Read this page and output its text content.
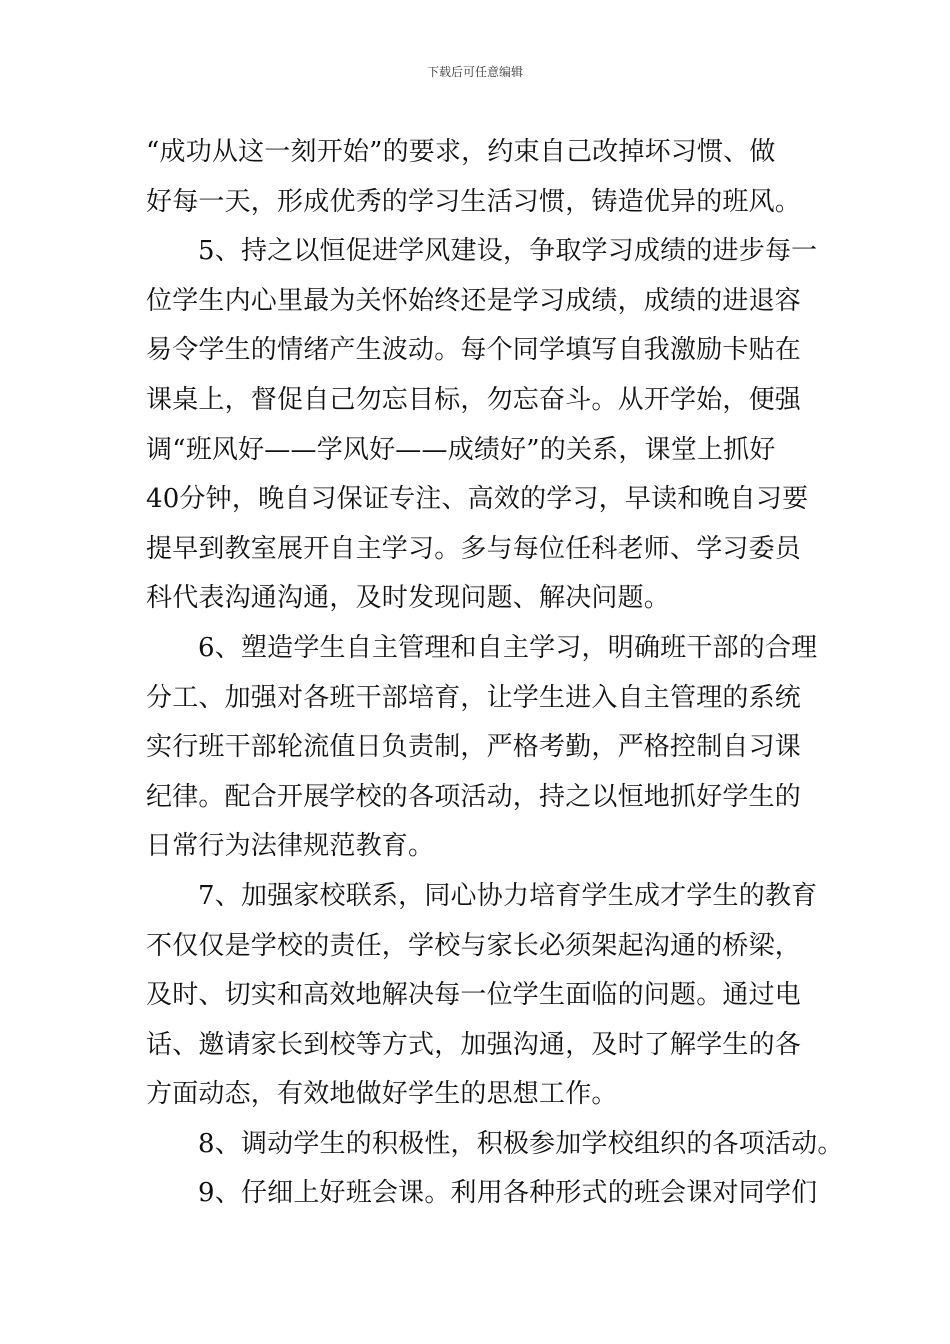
下载后可任意编辑
“成功从这一刻开始”的要求，约束自己改掉坏习惯、做
好每一天，形成优秀的学习生活习惯，铸造优异的班风。
5、持之以恒促进学风建设，争取学习成绩的进步每一
位学生内心里最为关怀始终还是学习成绩，成绩的进退容
易令学生的情绪产生波动。每个同学填写自我激励卡贴在
课桌上，督促自己勿忘目标，勿忘奋斗。从开学始，便强
调“班风好——学风好——成绩好”的关系，课堂上抓好
40分钟，晚自习保证专注、高效的学习，早读和晚自习要
提早到教室展开自主学习。多与每位任科老师、学习委员
科代表沟通沟通，及时发现问题、解决问题。
6、塑造学生自主管理和自主学习，明确班干部的合理
分工、加强对各班干部培育，让学生进入自主管理的系统
实行班干部轮流值日负责制，严格考勤，严格控制自习课
纪律。配合开展学校的各项活动，持之以恒地抓好学生的
日常行为法律规范教育。
7、加强家校联系，同心协力培育学生成才学生的教育
不仅仅是学校的责任，学校与家长必须架起沟通的桥梁，
及时、切实和高效地解决每一位学生面临的问题。通过电
话、邀请家长到校等方式，加强沟通，及时了解学生的各
方面动态，有效地做好学生的思想工作。
8、调动学生的积极性，积极参加学校组织的各项活动。
9、仔细上好班会课。利用各种形式的班会课对同学们
